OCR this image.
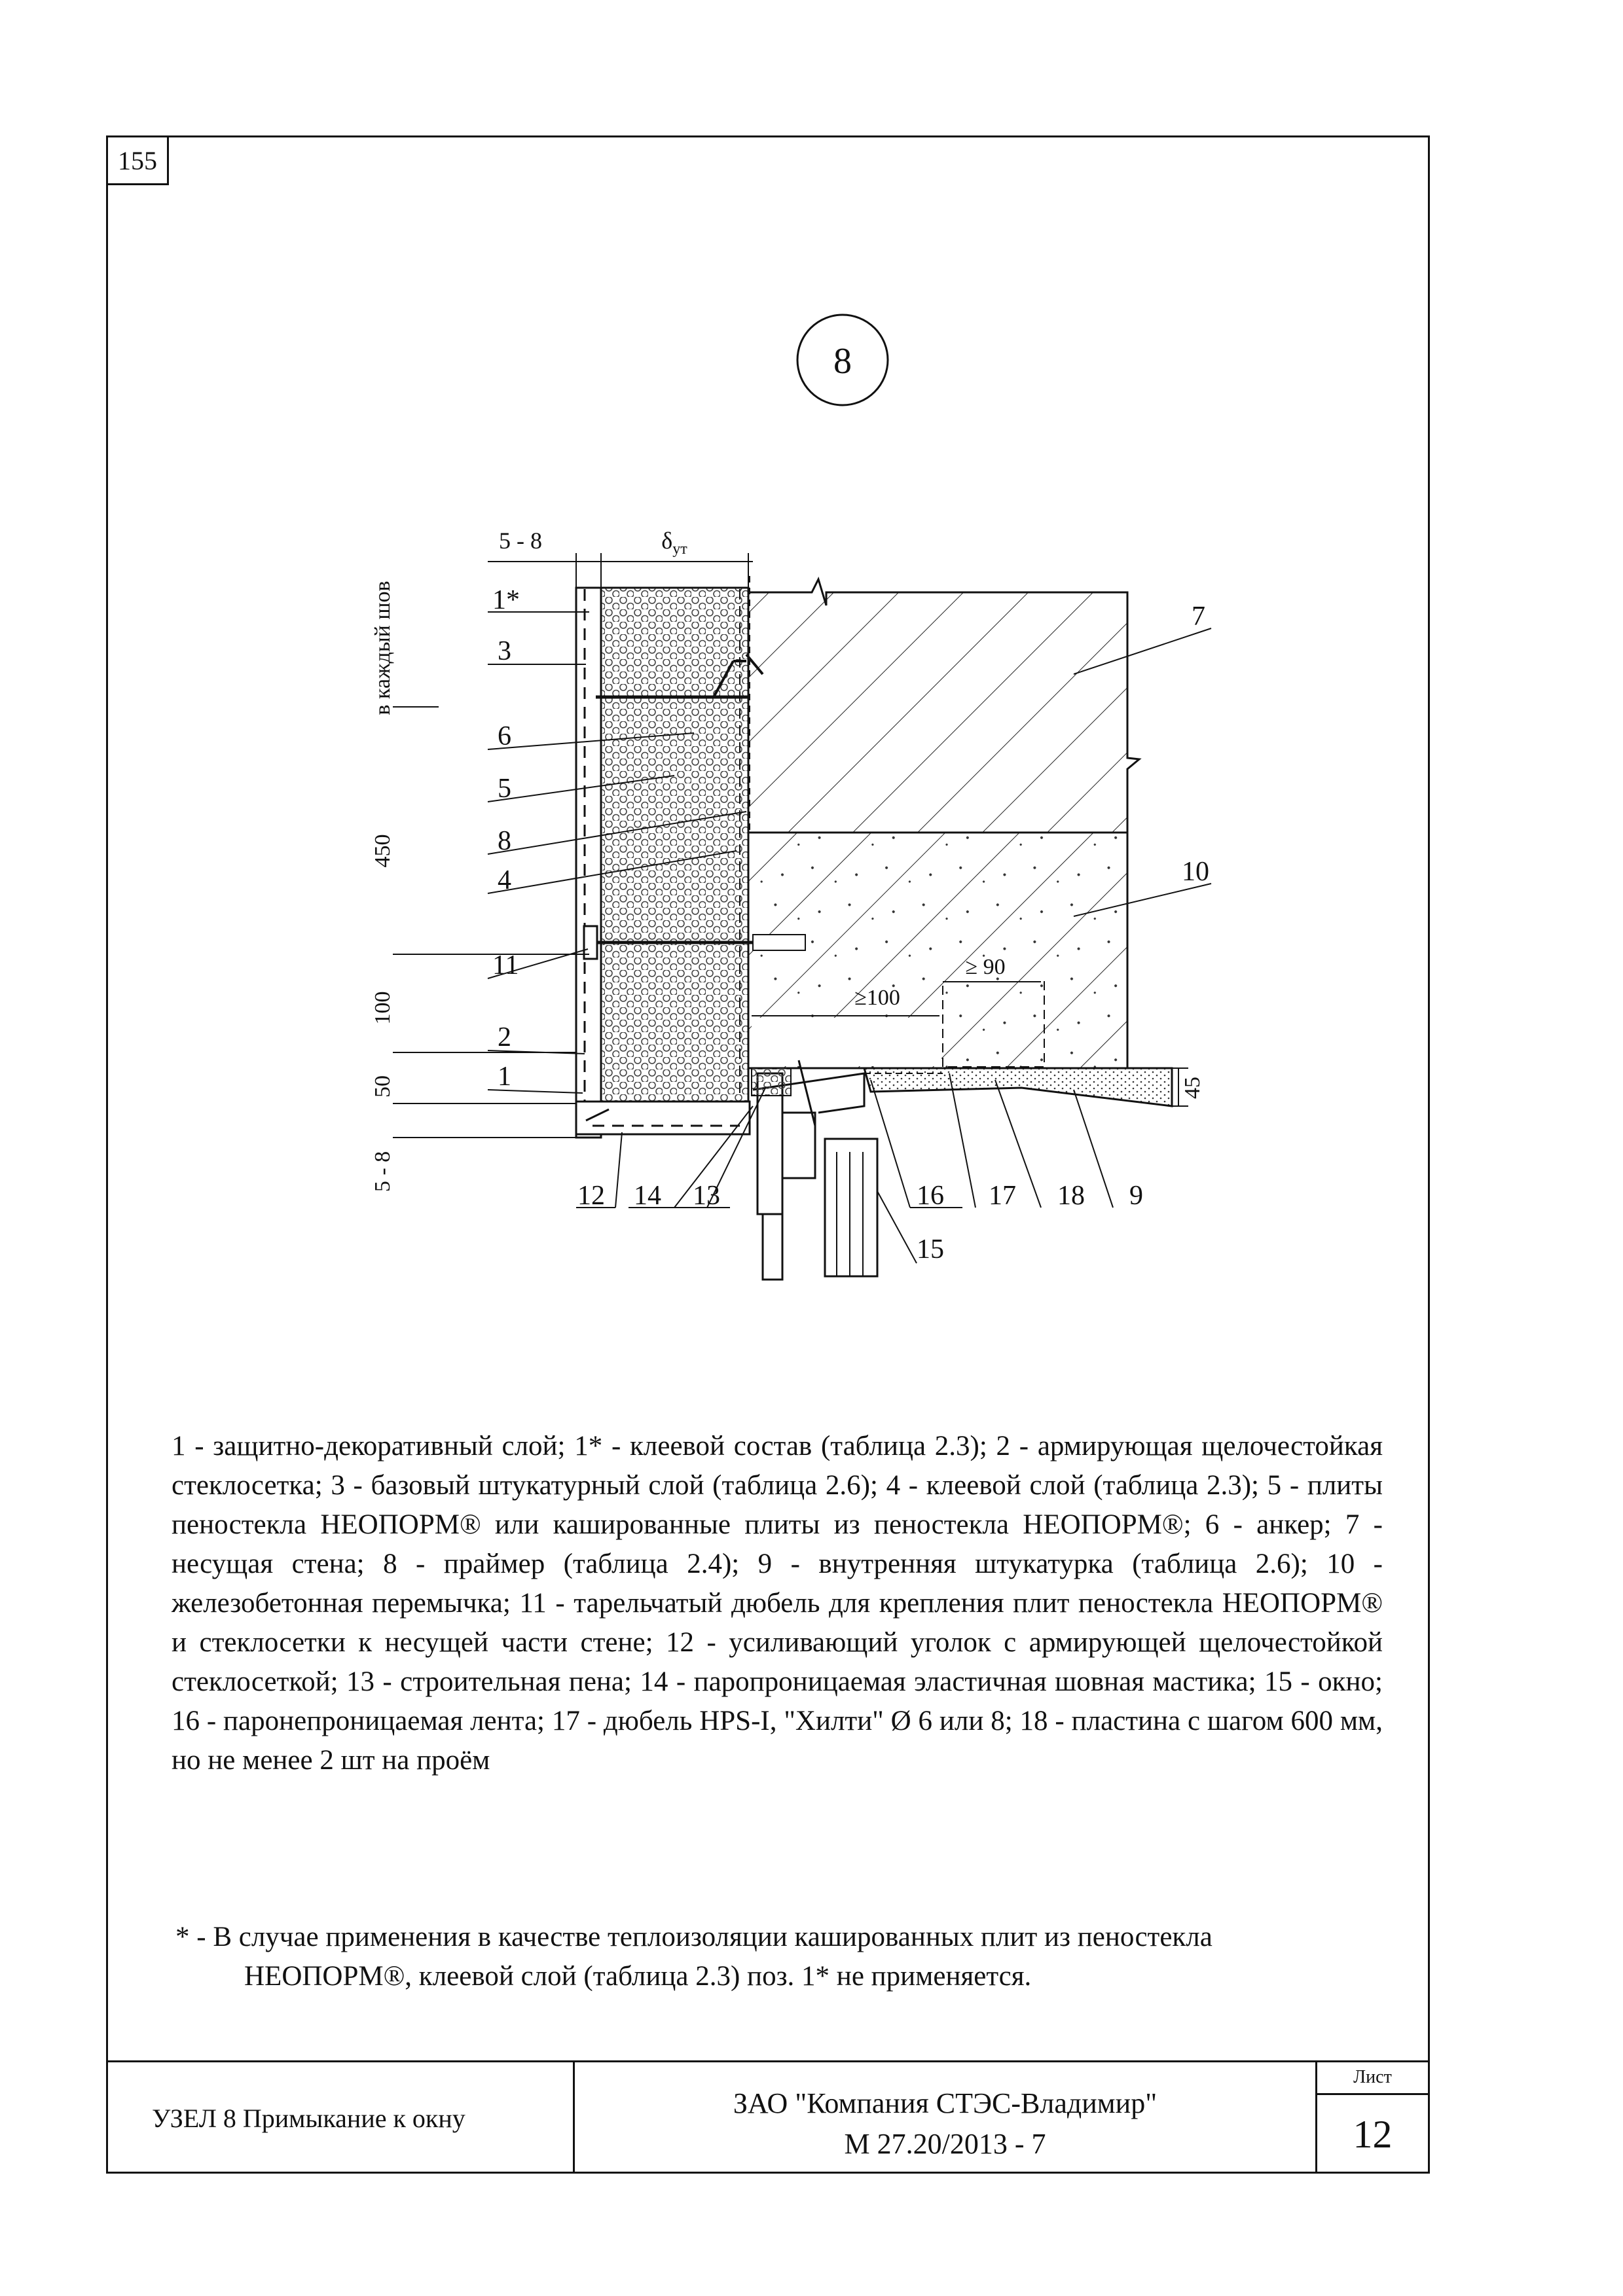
155
8
5 - 8	$\delta_{ут}$
в каждый шов
450
100
50
5 - 8
≥100
≥ 90
45
1*
3
6
5
8
4
11
2
1
7
10
12 14 13	16 17 18 9
15
1 - защитно-декоративный слой; 1* - клеевой состав (таблица 2.3); 2 - армирующая щелочестойкая стеклосетка; 3 - базовый штукатурный слой (таблица 2.6); 4 - клеевой слой (таблица 2.3); 5 - плиты пеностекла НЕОПОРМ® или кашированные плиты из пеностекла НЕОПОРМ®; 6 - анкер; 7 - несущая стена; 8 - праймер (таблица 2.4); 9 - внутренняя штукатурка (таблица 2.6); 10 - железобетонная перемычка; 11 - тарельчатый дюбель для крепления плит пеностекла НЕОПОРМ® и стеклосетки к несущей части стене; 12 - усиливающий уголок с армирующей щелочестойкой стеклосеткой; 13 - строительная пена; 14 - паропроницаемая эластичная шовная мастика; 15 - окно; 16 - паронепроницаемая лента; 17 - дюбель HPS-I, "Хилти" Ø 6 или 8; 18 - пластина с шагом 600 мм, но не менее 2 шт на проём
* - В случае применения в качестве теплоизоляции кашированных плит из пеностекла
НЕОПОРМ®, клеевой слой (таблица 2.3) поз. 1* не применяется.
УЗЕЛ 8 Примыкание к окну	ЗАО "Компания СТЭС-Владимир"
М 27.20/2013 - 7
Лист
12
